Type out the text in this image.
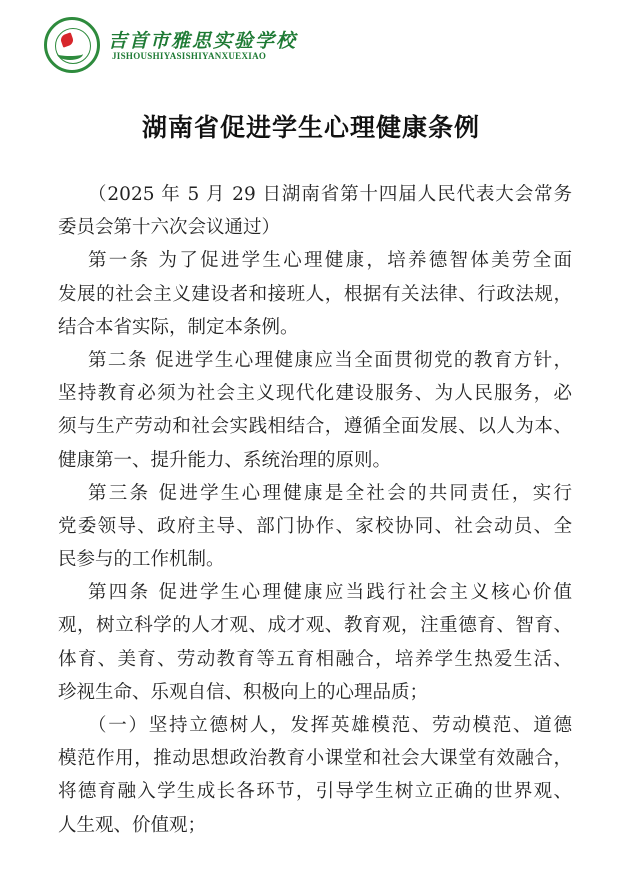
吉首市雅思实验学校
JISHOUSHIYASISHIYANXUEXIAO
湖南省促进学生心理健康条例
（2025 年 5 月 29 日湖南省第十四届人民代表大会常务
委员会第十六次会议通过）
第一条 为了促进学生心理健康，培养德智体美劳全面
发展的社会主义建设者和接班人，根据有关法律、行政法规，
结合本省实际，制定本条例。
第二条 促进学生心理健康应当全面贯彻党的教育方针，
坚持教育必须为社会主义现代化建设服务、为人民服务，必
须与生产劳动和社会实践相结合，遵循全面发展、以人为本、
健康第一、提升能力、系统治理的原则。
第三条 促进学生心理健康是全社会的共同责任，实行
党委领导、政府主导、部门协作、家校协同、社会动员、全
民参与的工作机制。
第四条 促进学生心理健康应当践行社会主义核心价值
观，树立科学的人才观、成才观、教育观，注重德育、智育、
体育、美育、劳动教育等五育相融合，培养学生热爱生活、
珍视生命、乐观自信、积极向上的心理品质；
（一）坚持立德树人，发挥英雄模范、劳动模范、道德
模范作用，推动思想政治教育小课堂和社会大课堂有效融合，
将德育融入学生成长各环节，引导学生树立正确的世界观、
人生观、价值观；
